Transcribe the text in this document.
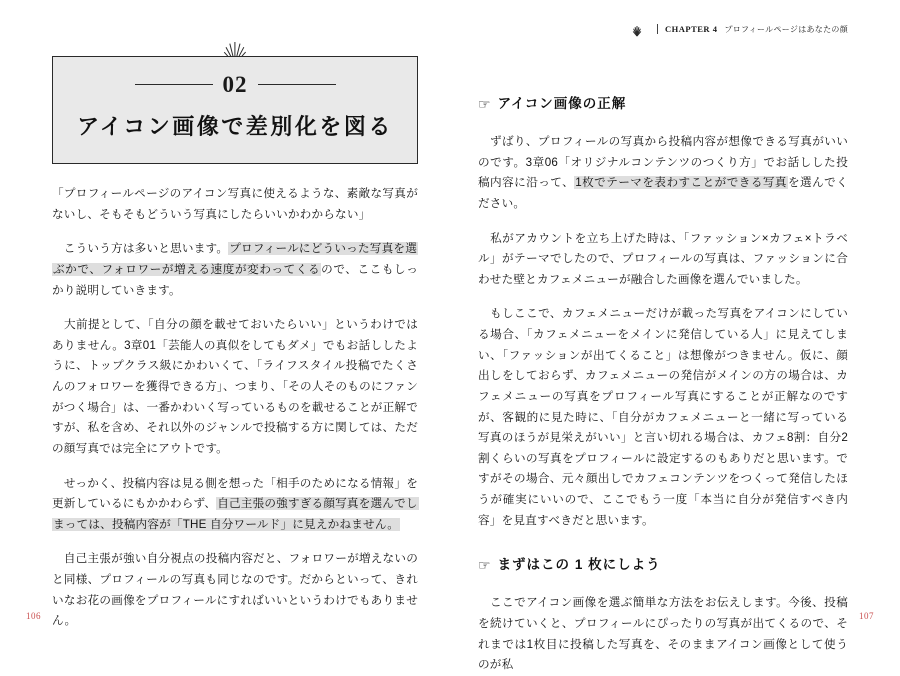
02
アイコン画像で差別化を図る

「プロフィールページのアイコン写真に使えるような、素敵な写真がないし、そもそもどういう写真にしたらいいかわからない」

　こういう方は多いと思います。プロフィールにどういった写真を選ぶかで、フォロワーが増える速度が変わってくるので、ここもしっかり説明していきます。

　大前提として、「自分の顔を載せておいたらいい」というわけではありません。3章01「芸能人の真似をしてもダメ」でもお話ししたように、トップクラス級にかわいくて、「ライフスタイル投稿でたくさんのフォロワーを獲得できる方」、つまり、「その人そのものにファンがつく場合」は、一番かわいく写っているものを載せることが正解ですが、私を含め、それ以外のジャンルで投稿する方に関しては、ただの顔写真では完全にアウトです。

　せっかく、投稿内容は見る側を想った「相手のためになる情報」を更新しているにもかかわらず、自己主張の強すぎる顔写真を選んでしまっては、投稿内容が「THE 自分ワールド」に見えかねません。

　自己主張が強い自分視点の投稿内容だと、フォロワーが増えないのと同様、プロフィールの写真も同じなのです。だからといって、きれいなお花の画像をプロフィールにすればいいというわけでもありません。

106
CHAPTER 4 プロフィールページはあなたの顔
☞ アイコン画像の正解

　ずばり、プロフィールの写真から投稿内容が想像できる写真がいいのです。3章06「オリジナルコンテンツのつくり方」でお話しした投稿内容に沿って、1枚でテーマを表わすことができる写真を選んでください。

　私がアカウントを立ち上げた時は、「ファッション×カフェ×トラベル」がテーマでしたので、プロフィールの写真は、ファッションに合わせた壁とカフェメニューが融合した画像を選んでいました。

　もしここで、カフェメニューだけが載った写真をアイコンにしている場合、「カフェメニューをメインに発信している人」に見えてしまい、「ファッションが出てくること」は想像がつきません。仮に、顔出しをしておらず、カフェメニューの発信がメインの方の場合は、カフェメニューの写真をプロフィール写真にすることが正解なのですが、客観的に見た時に、「自分がカフェメニューと一緒に写っている写真のほうが見栄えがいい」と言い切れる場合は、カフェ8割：自分2割くらいの写真をプロフィールに設定するのもありだと思います。ですがその場合、元々顔出しでカフェコンテンツをつくって発信したほうが確実にいいので、ここでもう一度「本当に自分が発信すべき内容」を見直すべきだと思います。

☞ まずはこの 1 枚にしよう

　ここでアイコン画像を選ぶ簡単な方法をお伝えします。今後、投稿を続けていくと、プロフィールにぴったりの写真が出てくるので、それまでは1枚目に投稿した写真を、そのままアイコン画像として使うのが私

107
